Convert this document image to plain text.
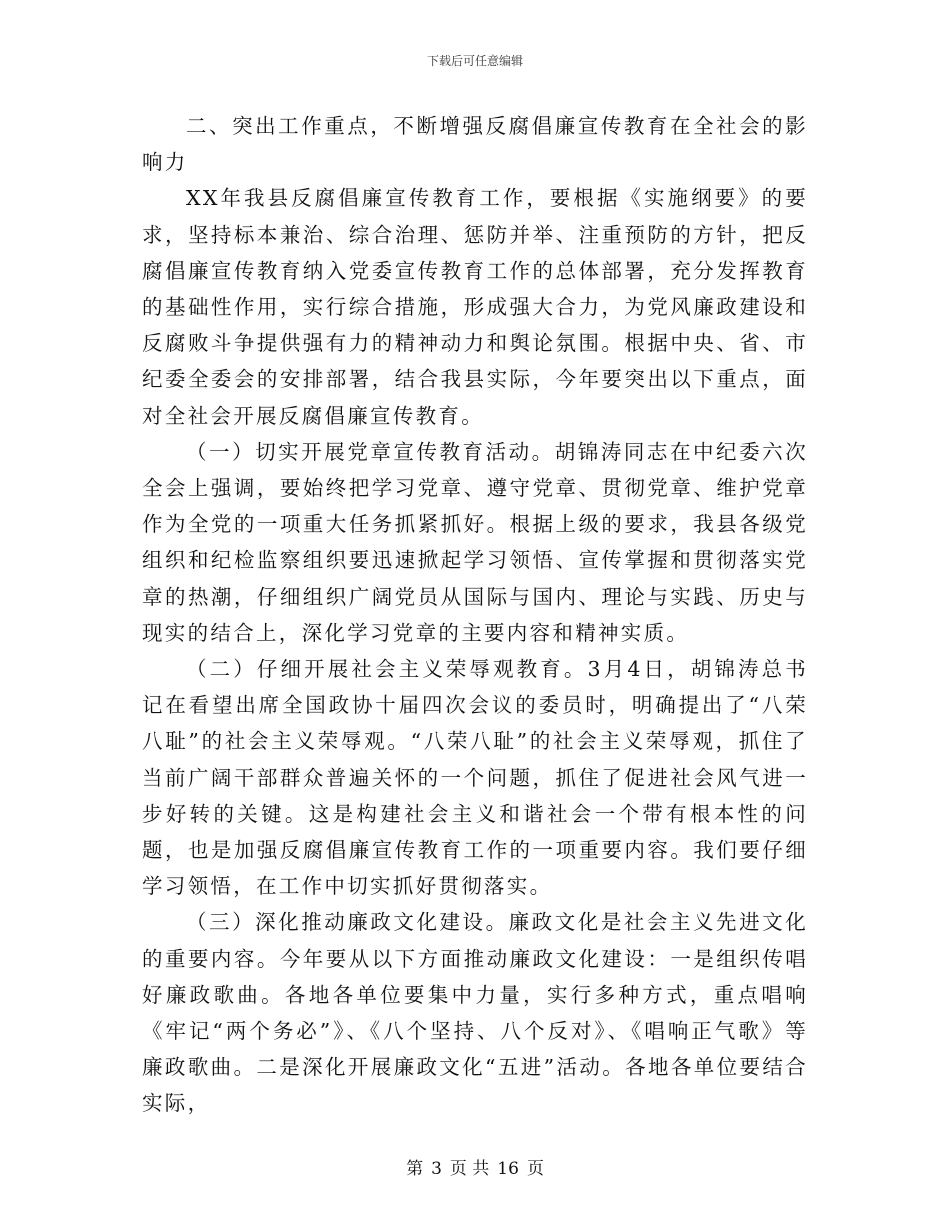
下载后可任意编辑

二、突出工作重点，不断增强反腐倡廉宣传教育在全社会的影响力

XX年我县反腐倡廉宣传教育工作，要根据《实施纲要》的要求，坚持标本兼治、综合治理、惩防并举、注重预防的方针，把反腐倡廉宣传教育纳入党委宣传教育工作的总体部署，充分发挥教育的基础性作用，实行综合措施，形成强大合力，为党风廉政建设和反腐败斗争提供强有力的精神动力和舆论氛围。根据中央、省、市纪委全委会的安排部署，结合我县实际，今年要突出以下重点，面对全社会开展反腐倡廉宣传教育。

（一）切实开展党章宣传教育活动。胡锦涛同志在中纪委六次全会上强调，要始终把学习党章、遵守党章、贯彻党章、维护党章作为全党的一项重大任务抓紧抓好。根据上级的要求，我县各级党组织和纪检监察组织要迅速掀起学习领悟、宣传掌握和贯彻落实党章的热潮，仔细组织广阔党员从国际与国内、理论与实践、历史与现实的结合上，深化学习党章的主要内容和精神实质。

（二）仔细开展社会主义荣辱观教育。3月4日，胡锦涛总书记在看望出席全国政协十届四次会议的委员时，明确提出了“八荣八耻”的社会主义荣辱观。“八荣八耻”的社会主义荣辱观，抓住了当前广阔干部群众普遍关怀的一个问题，抓住了促进社会风气进一步好转的关键。这是构建社会主义和谐社会一个带有根本性的问题，也是加强反腐倡廉宣传教育工作的一项重要内容。我们要仔细学习领悟，在工作中切实抓好贯彻落实。

（三）深化推动廉政文化建设。廉政文化是社会主义先进文化的重要内容。今年要从以下方面推动廉政文化建设：一是组织传唱好廉政歌曲。各地各单位要集中力量，实行多种方式，重点唱响《牢记“两个务必”》、《八个坚持、八个反对》、《唱响正气歌》等廉政歌曲。二是深化开展廉政文化“五进”活动。各地各单位要结合实际，

第 3 页 共 16 页
